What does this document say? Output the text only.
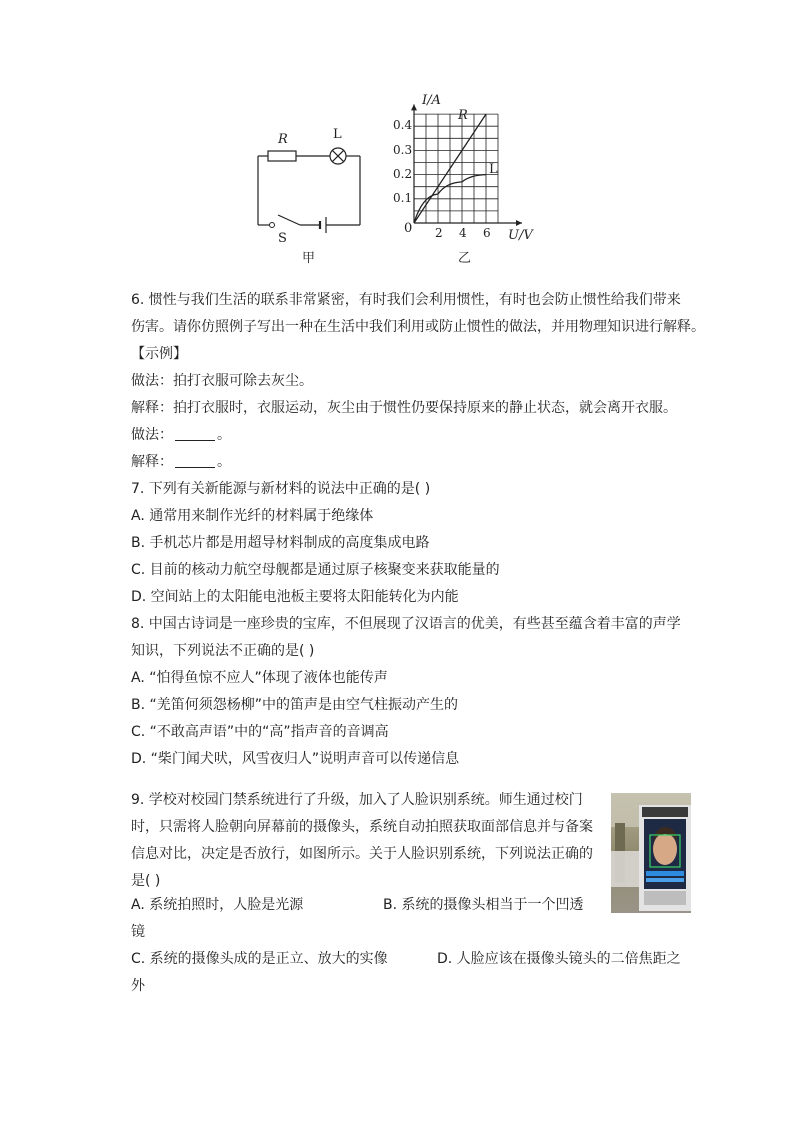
R	L
S
甲
I/A
U/V
0
0.4
0.3
0.2
0.1
2 4 6
R
L
乙
6. 惯性与我们生活的联系非常紧密，有时我们会利用惯性，有时也会防止惯性给我们带来
伤害。请你仿照例子写出一种在生活中我们利用或防止惯性的做法，并用物理知识进行解释。
【示例】
做法：拍打衣服可除去灰尘。
解释：拍打衣服时，衣服运动，灰尘由于惯性仍要保持原来的静止状态，就会离开衣服。
做法：	。
解释：	。
7. 下列有关新能源与新材料的说法中正确的是( )
A. 通常用来制作光纤的材料属于绝缘体
B. 手机芯片都是用超导材料制成的高度集成电路
C. 目前的核动力航空母舰都是通过原子核聚变来获取能量的
D. 空间站上的太阳能电池板主要将太阳能转化为内能
8. 中国古诗词是一座珍贵的宝库，不但展现了汉语言的优美，有些甚至蕴含着丰富的声学
知识，下列说法不正确的是( )
A. “怕得鱼惊不应人”体现了液体也能传声
B. “羌笛何须怨杨柳”中的笛声是由空气柱振动产生的
C. “不敢高声语”中的“高”指声音的音调高
D. “柴门闻犬吠，风雪夜归人”说明声音可以传递信息
9. 学校对校园门禁系统进行了升级，加入了人脸识别系统。师生通过校门
时，只需将人脸朝向屏幕前的摄像头，系统自动拍照获取面部信息并与备案
信息对比，决定是否放行，如图所示。关于人脸识别系统，下列说法正确的
是( )
A. 系统拍照时，人脸是光源	B. 系统的摄像头相当于一个凹透
镜
C. 系统的摄像头成的是正立、放大的实像	D. 人脸应该在摄像头镜头的二倍焦距之
外
